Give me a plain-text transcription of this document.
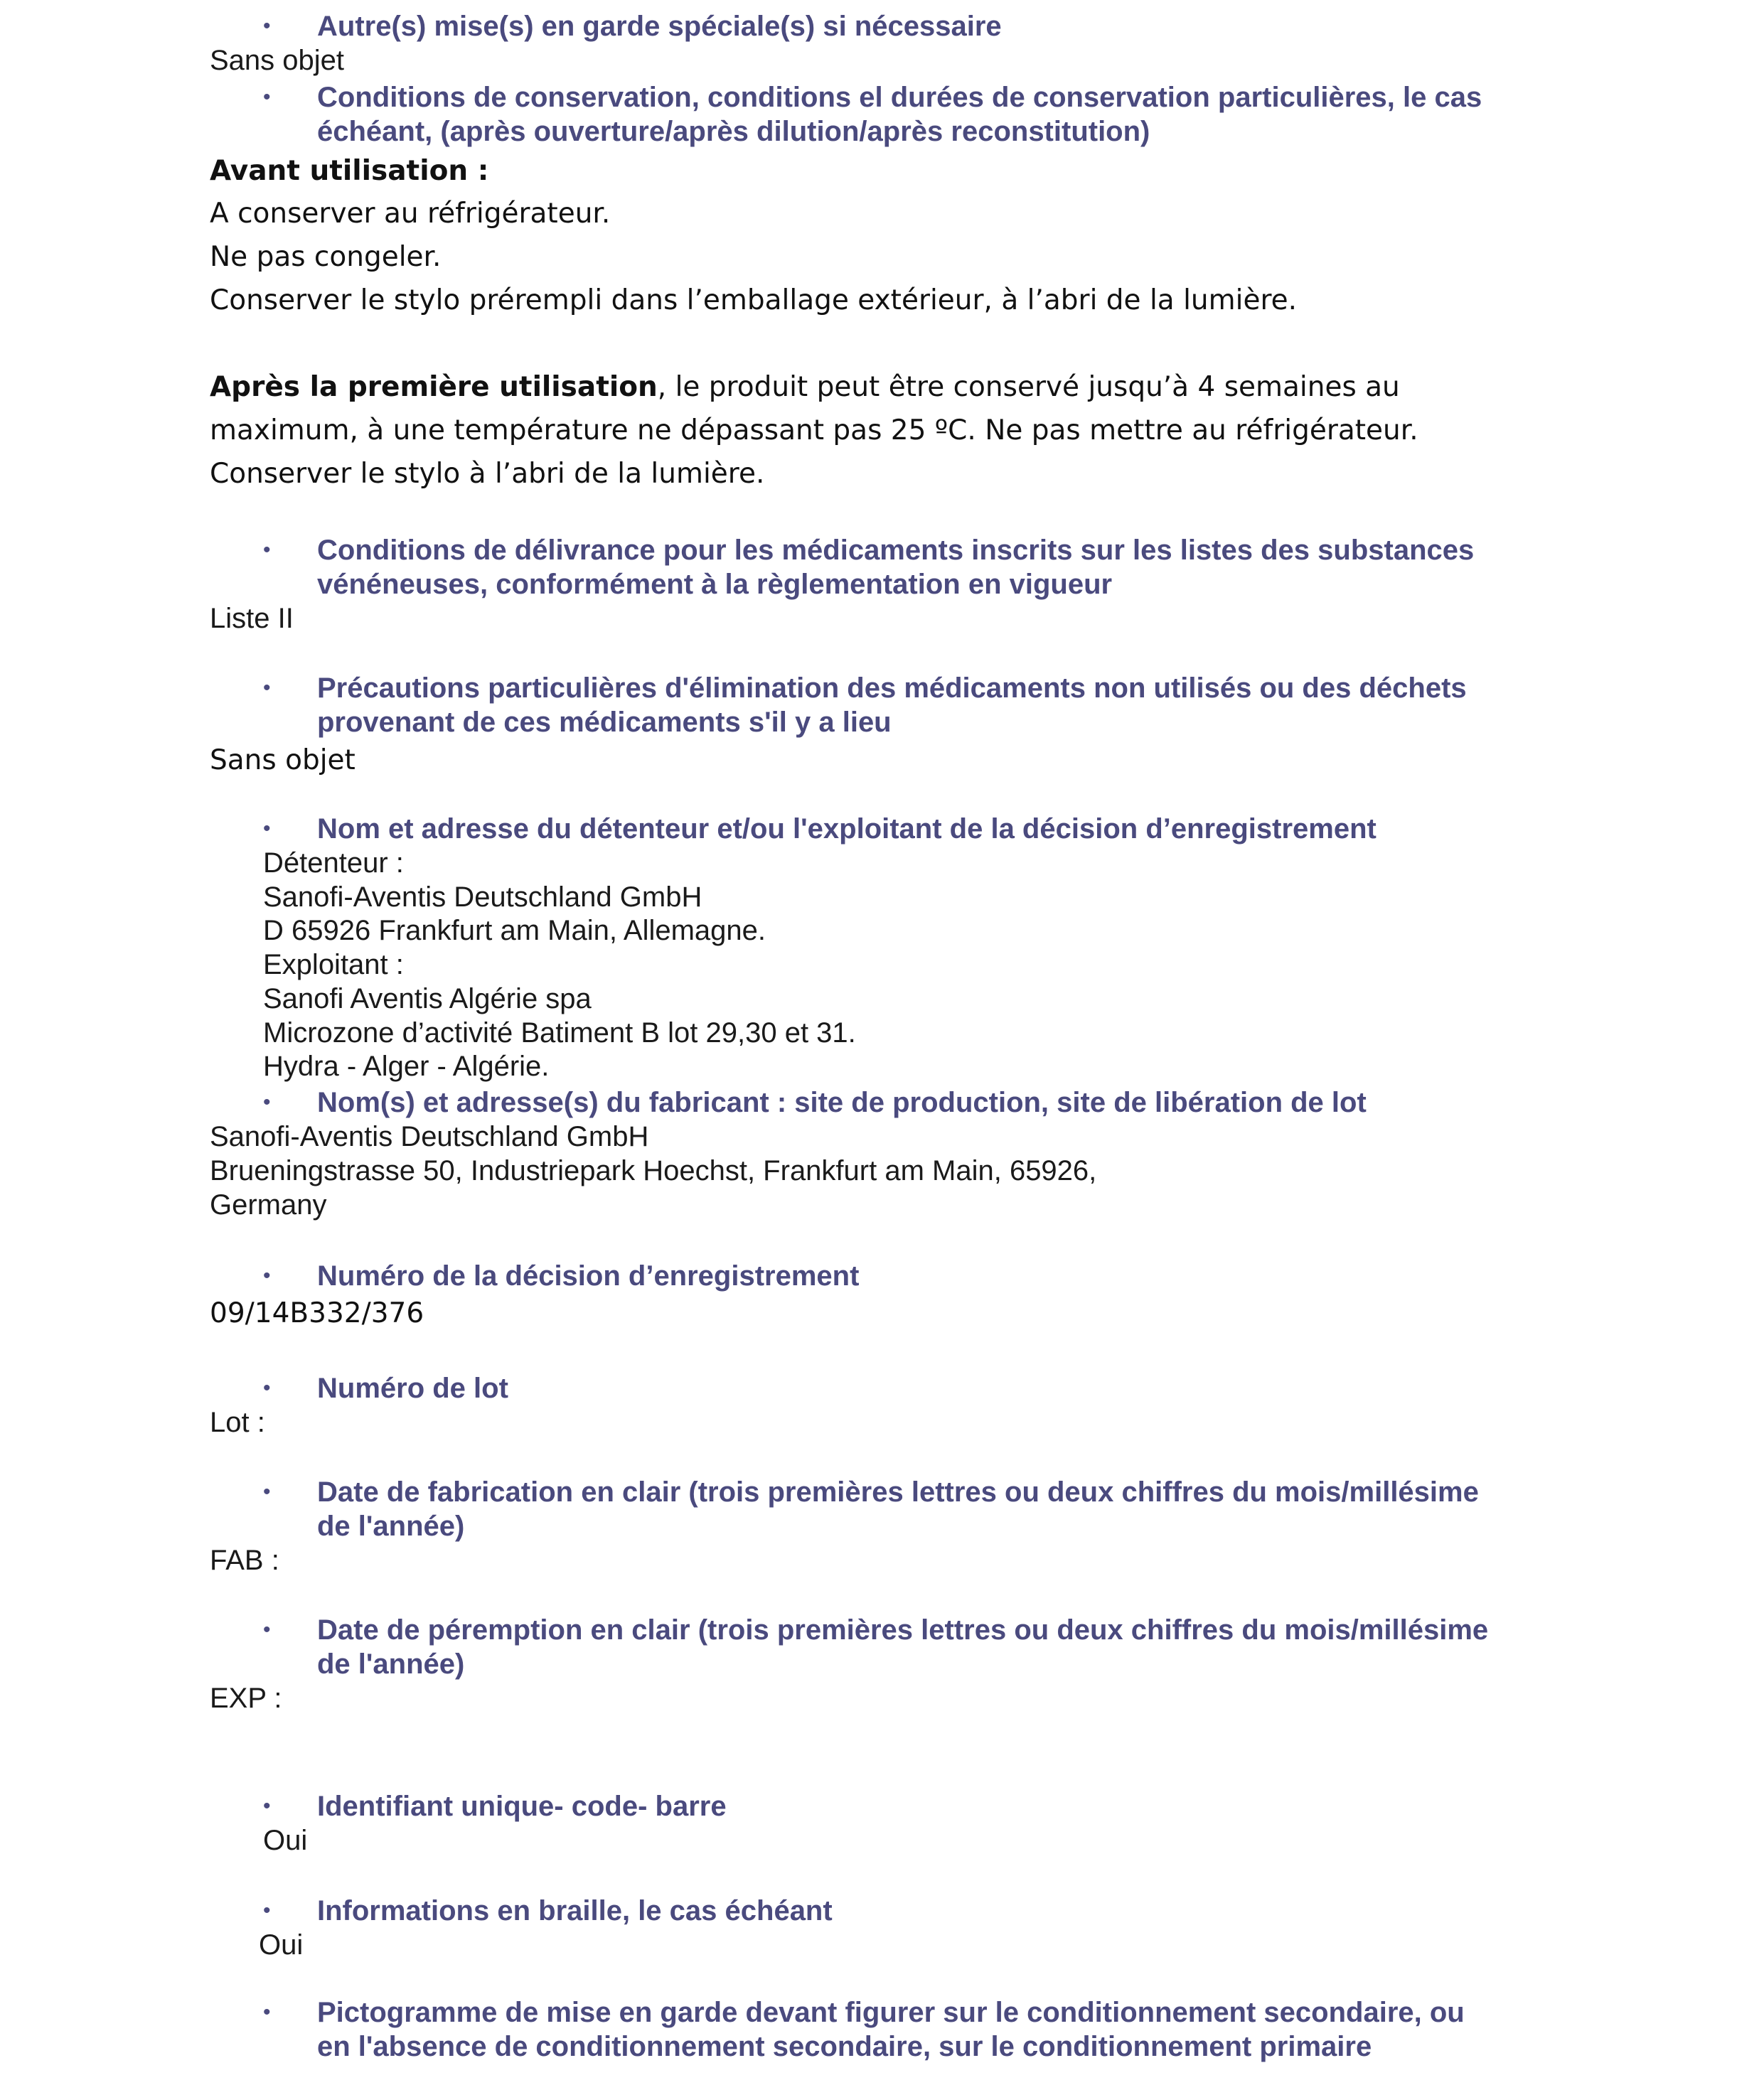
• Autre(s) mise(s) en garde spéciale(s) si nécessaire
Sans objet
• Conditions de conservation, conditions el durées de conservation particulières, le cas
échéant, (après ouverture/après dilution/après reconstitution)
Avant utilisation :
A conserver au réfrigérateur.
Ne pas congeler.
Conserver le stylo prérempli dans l’emballage extérieur, à l’abri de la lumière.
Après la première utilisation, le produit peut être conservé jusqu’à 4 semaines au
maximum, à une température ne dépassant pas 25 ºC. Ne pas mettre au réfrigérateur.
Conserver le stylo à l’abri de la lumière.
• Conditions de délivrance pour les médicaments inscrits sur les listes des substances
vénéneuses, conformément à la règlementation en vigueur
Liste II
• Précautions particulières d'élimination des médicaments non utilisés ou des déchets
provenant de ces médicaments s'il y a lieu
Sans objet
• Nom et adresse du détenteur et/ou l'exploitant de la décision d’enregistrement
Détenteur :
Sanofi-Aventis Deutschland GmbH
D 65926 Frankfurt am Main, Allemagne.
Exploitant :
Sanofi Aventis Algérie spa
Microzone d’activité Batiment B lot 29,30 et 31.
Hydra - Alger - Algérie.
• Nom(s) et adresse(s) du fabricant : site de production, site de libération de lot
Sanofi-Aventis Deutschland GmbH
Brueningstrasse 50, Industriepark Hoechst, Frankfurt am Main, 65926,
Germany
• Numéro de la décision d’enregistrement
09/14B332/376
• Numéro de lot
Lot :
• Date de fabrication en clair (trois premières lettres ou deux chiffres du mois/millésime
de l'année)
FAB :
• Date de péremption en clair (trois premières lettres ou deux chiffres du mois/millésime
de l'année)
EXP :
• Identifiant unique- code- barre
Oui
• Informations en braille, le cas échéant
Oui
• Pictogramme de mise en garde devant figurer sur le conditionnement secondaire, ou
en l'absence de conditionnement secondaire, sur le conditionnement primaire
